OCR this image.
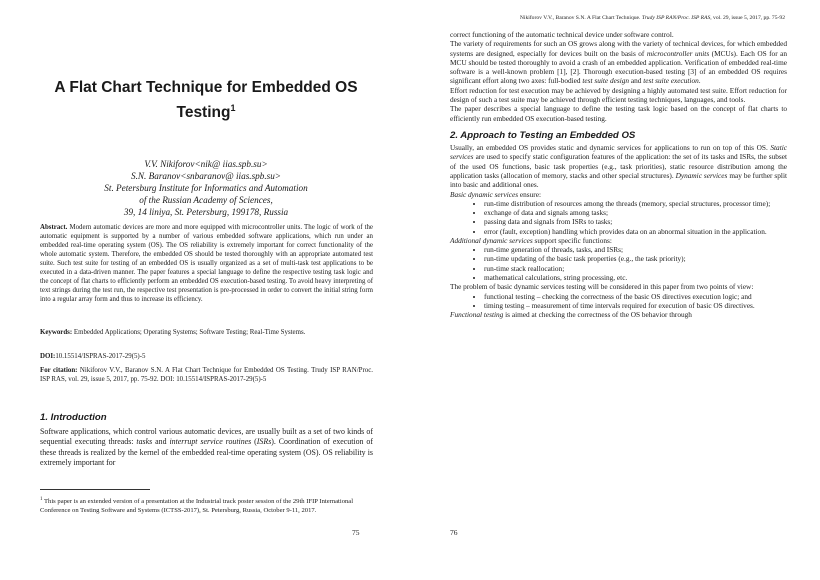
A Flat Chart Technique for Embedded OS Testing$^1$
V.V. Nikiforov<nik@ iias.spb.su>
S.N. Baranov<snbaranov@ iias.spb.su>
St. Petersburg Institute for Informatics and Automation
of the Russian Academy of Sciences,
39, 14 liniya, St. Petersburg, 199178, Russia

Abstract. Modern automatic devices are more and more equipped with microcontroller units. The logic of work of the automatic equipment is supported by a number of various embedded software applications, which run under an embedded real-time operating system (OS). The OS reliability is extremely important for correct functionality of the whole automatic system. Therefore, the embedded OS should be tested thoroughly with an appropriate automated test suite. Such test suite for testing of an embedded OS is usually organized as a set of multi-task test applications to be executed in a data-driven manner. The paper features a special language to define the respective testing task logic and the concept of flat charts to efficiently perform an embedded OS execution-based testing. To avoid heavy interpreting of text strings during the test run, the respective test presentation is pre-processed in order to convert the initial string form into a regular array form and thus to increase its efficiency.

Keywords: Embedded Applications; Operating Systems; Software Testing; Real-Time Systems.

DOI:10.15514/ISPRAS-2017-29(5)-5

For citation: Nikiforov V.V., Baranov S.N. A Flat Chart Technique for Embedded OS Testing. Trudy ISP RAN/Proc. ISP RAS, vol. 29, issue 5, 2017, pp. 75-92. DOI: 10.15514/ISPRAS-2017-29(5)-5

1. Introduction

Software applications, which control various automatic devices, are usually built as a set of two kinds of sequential executing threads: tasks and interrupt service routines (ISRs). Coordination of execution of these threads is realized by the kernel of the embedded real-time operating system (OS). OS reliability is extremely important for

$^1$ This paper is an extended version of a presentation at the Industrial track poster session of the 29th IFIP International Conference on Testing Software and Systems (ICTSS-2017), St. Petersburg, Russia, October 9-11, 2017.

75
Nikiforov V.V., Baranov S.N. A Flat Chart Technique. Trudy ISP RAN/Proc. ISP RAS, vol. 29, issue 5, 2017, pp. 75-92

correct functioning of the automatic technical device under software control.

The variety of requirements for such an OS grows along with the variety of technical devices, for which embedded systems are designed, especially for devices built on the basis of microcontroller units (MCUs). Each OS for an MCU should be tested thoroughly to avoid a crash of an embedded application. Verification of embedded real-time software is a well-known problem [1], [2]. Thorough execution-based testing [3] of an embedded OS requires significant effort along two axes: full-bodied test suite design and test suite execution.

Effort reduction for test execution may be achieved by designing a highly automated test suite. Effort reduction for design of such a test suite may be achieved through efficient testing techniques, languages, and tools.

The paper describes a special language to define the testing task logic based on the concept of flat charts to efficiently run embedded OS execution-based testing.

2. Approach to Testing an Embedded OS

Usually, an embedded OS provides static and dynamic services for applications to run on top of this OS. Static services are used to specify static configuration features of the application: the set of its tasks and ISRs, the subset of the used OS functions, basic task properties (e.g., task priorities), static resource distribution among the application tasks (allocation of memory, stacks and other special structures). Dynamic services may be further split into basic and additional ones.

Basic dynamic services ensure:

• run-time distribution of resources among the threads (memory, special structures, processor time);
• exchange of data and signals among tasks;
• passing data and signals from ISRs to tasks;
• error (fault, exception) handling which provides data on an abnormal situation in the application.

Additional dynamic services support specific functions:

• run-time generation of threads, tasks, and ISRs;
• run-time updating of the basic task properties (e.g., the task priority);
• run-time stack reallocation;
• mathematical calculations, string processing, etc.

The problem of basic dynamic services testing will be considered in this paper from two points of view:

• functional testing – checking the correctness of the basic OS directives execution logic; and
• timing testing – measurement of time intervals required for execution of basic OS directives.

Functional testing is aimed at checking the correctness of the OS behavior through

76
